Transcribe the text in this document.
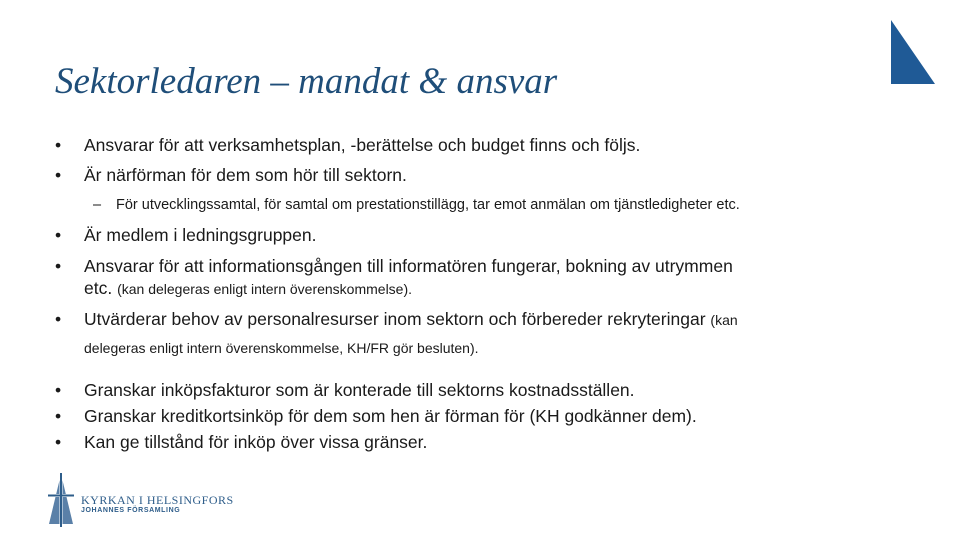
Sektorledaren – mandat & ansvar
• Ansvarar för att verksamhetsplan, -berättelse och budget finns och följs.
• Är närförman för dem som hör till sektorn.
– För utvecklingssamtal, för samtal om prestationstillägg, tar emot anmälan om tjänstledigheter etc.
• Är medlem i ledningsgruppen.
• Ansvarar för att informationsgången till informatören fungerar, bokning av utrymmen
etc. (kan delegeras enligt intern överenskommelse).
• Utvärderar behov av personalresurser inom sektorn och förbereder rekryteringar (kan
delegeras enligt intern överenskommelse, KH/FR gör besluten).
• Granskar inköpsfakturor som är konterade till sektorns kostnadsställen.
• Granskar kreditkortsinköp för dem som hen är förman för (KH godkänner dem).
• Kan ge tillstånd för inköp över vissa gränser.
KYRKAN I HELSINGFORS
JOHANNES FÖRSAMLING
